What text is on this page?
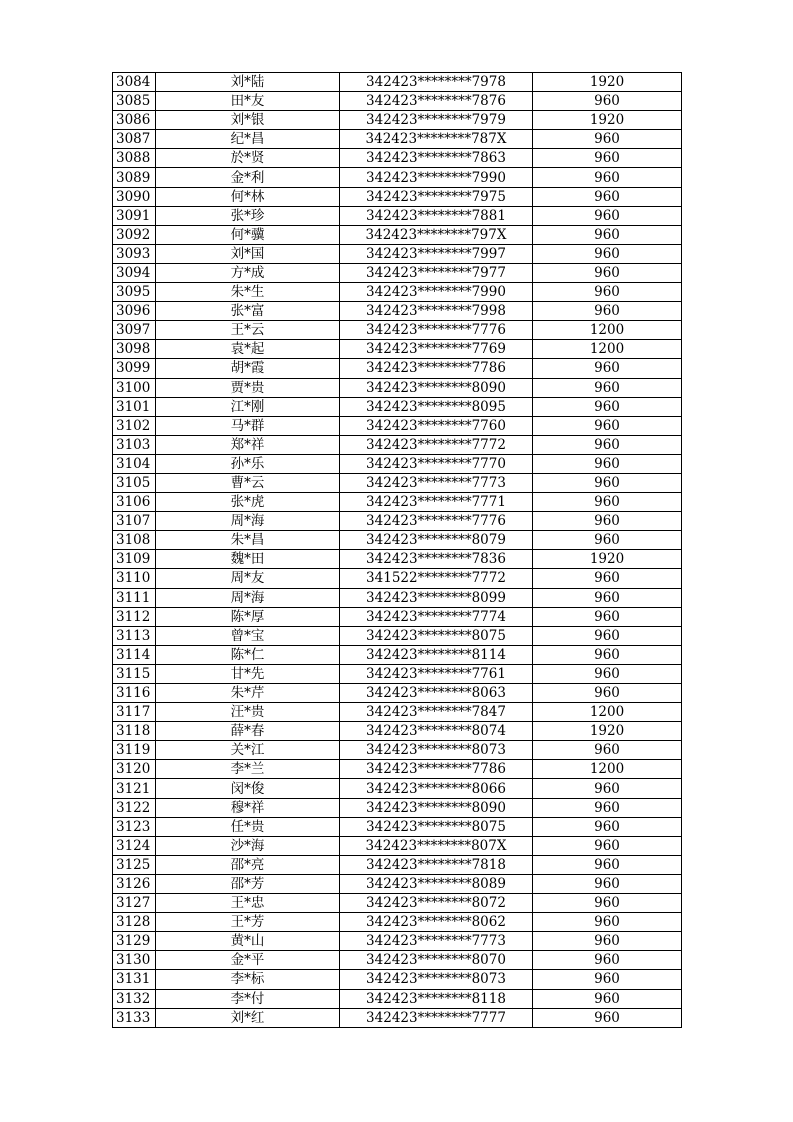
3084	刘*陆	342423********7978	1920
3085	田*友	342423********7876	960
3086	刘*银	342423********7979	1920
3087	纪*昌	342423********787X	960
3088	於*贤	342423********7863	960
3089	金*利	342423********7990	960
3090	何*林	342423********7975	960
3091	张*珍	342423********7881	960
3092	何*骥	342423********797X	960
3093	刘*国	342423********7997	960
3094	方*成	342423********7977	960
3095	朱*生	342423********7990	960
3096	张*富	342423********7998	960
3097	王*云	342423********7776	1200
3098	袁*起	342423********7769	1200
3099	胡*霞	342423********7786	960
3100	贾*贵	342423********8090	960
3101	江*刚	342423********8095	960
3102	马*群	342423********7760	960
3103	郑*祥	342423********7772	960
3104	孙*乐	342423********7770	960
3105	曹*云	342423********7773	960
3106	张*虎	342423********7771	960
3107	周*海	342423********7776	960
3108	朱*昌	342423********8079	960
3109	魏*田	342423********7836	1920
3110	周*友	341522********7772	960
3111	周*海	342423********8099	960
3112	陈*厚	342423********7774	960
3113	曾*宝	342423********8075	960
3114	陈*仁	342423********8114	960
3115	甘*先	342423********7761	960
3116	朱*芹	342423********8063	960
3117	汪*贵	342423********7847	1200
3118	薛*春	342423********8074	1920
3119	关*江	342423********8073	960
3120	李*兰	342423********7786	1200
3121	闵*俊	342423********8066	960
3122	穆*祥	342423********8090	960
3123	任*贵	342423********8075	960
3124	沙*海	342423********807X	960
3125	邵*亮	342423********7818	960
3126	邵*芳	342423********8089	960
3127	王*忠	342423********8072	960
3128	王*芳	342423********8062	960
3129	黄*山	342423********7773	960
3130	金*平	342423********8070	960
3131	李*标	342423********8073	960
3132	李*付	342423********8118	960
3133	刘*红	342423********7777	960
